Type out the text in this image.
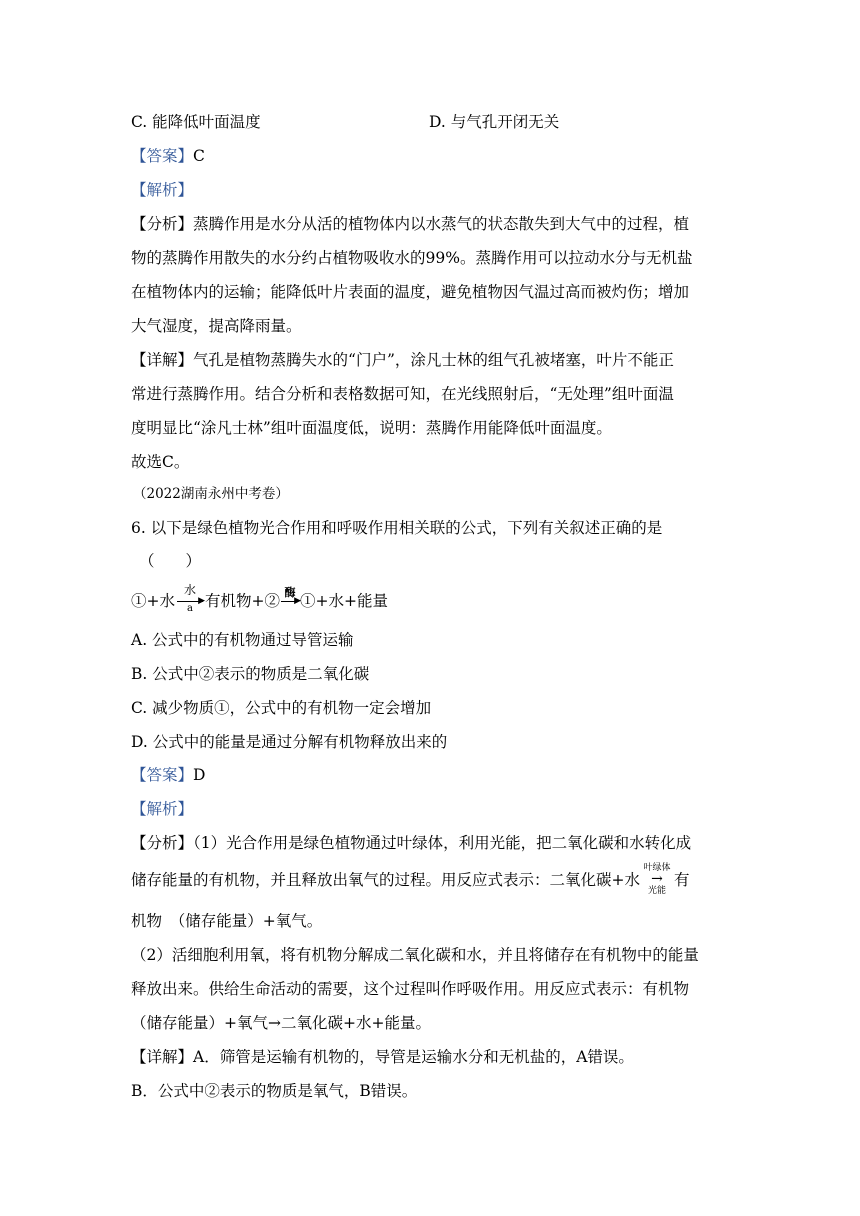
C. 能降低叶面温度	D. 与气孔开闭无关
【答案】C
【解析】
【分析】蒸腾作用是水分从活的植物体内以水蒸气的状态散失到大气中的过程，植
物的蒸腾作用散失的水分约占植物吸收水的99%。蒸腾作用可以拉动水分与无机盐
在植物体内的运输；能降低叶片表面的温度，避免植物因气温过高而被灼伤；增加
大气湿度，提高降雨量。
【详解】气孔是植物蒸腾失水的“门户”，涂凡士林的组气孔被堵塞，叶片不能正
常进行蒸腾作用。结合分析和表格数据可知，在光线照射后，“无处理”组叶面温
度明显比“涂凡士林”组叶面温度低，说明：蒸腾作用能降低叶面温度。
故选C。
（2022湖南永州中考卷）
6. 以下是绿色植物光合作用和呼吸作用相关联的公式，下列有关叙述正确的是
（　　）
①+水
水
▶
a 有机物+② 酶
▶ ①+水+能量
A. 公式中的有机物通过导管运输
B. 公式中②表示的物质是二氧化碳
C. 减少物质①，公式中的有机物一定会增加
D. 公式中的能量是通过分解有机物释放出来的
【答案】D
【解析】
【分析】（1）光合作用是绿色植物通过叶绿体，利用光能，把二氧化碳和水转化成
储存能量的有机物，并且释放出氧气的过程。用反应式表示：二氧化碳+水
叶绿体
→
光能
有
机物　（储存能量）+氧气。
（2）活细胞利用氧，将有机物分解成二氧化碳和水，并且将储存在有机物中的能量
释放出来。供给生命活动的需要，这个过程叫作呼吸作用。用反应式表示：有机物
（储存能量）+氧气→二氧化碳+水+能量。
【详解】A．筛管是运输有机物的，导管是运输水分和无机盐的，A错误。
B．公式中②表示的物质是氧气，B错误。
